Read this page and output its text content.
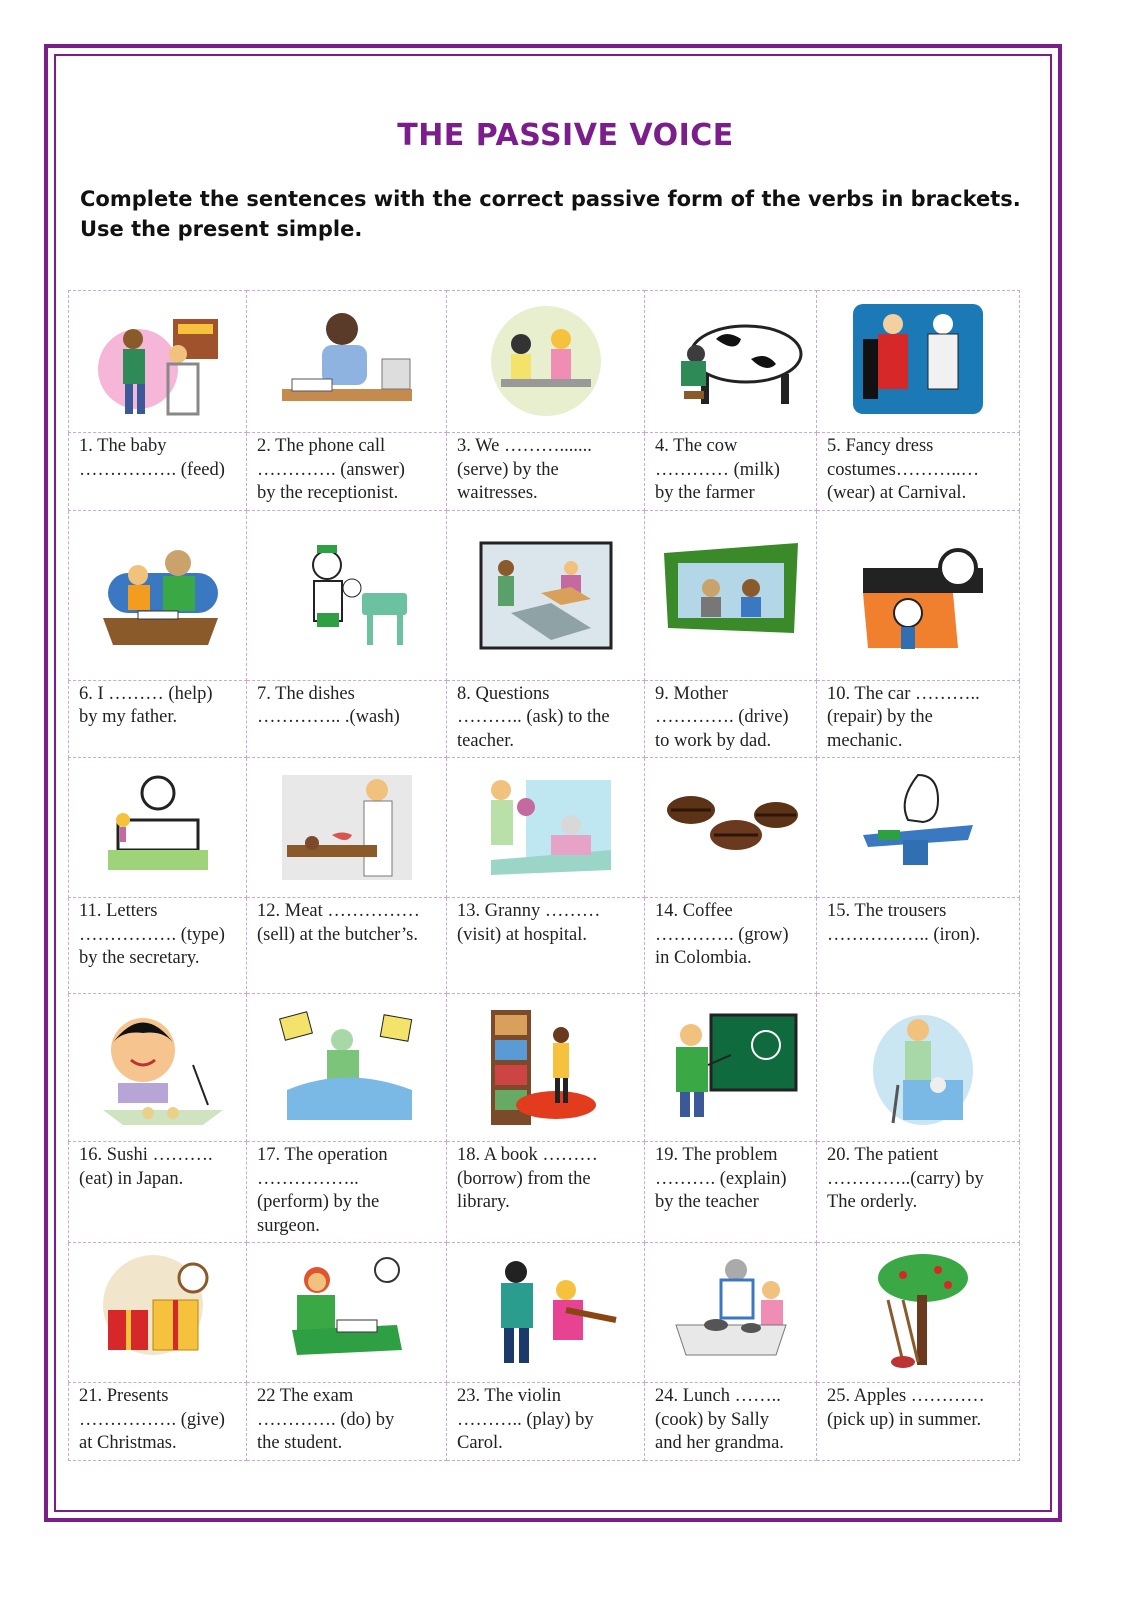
THE PASSIVE VOICE
Complete the sentences with the correct passive form of the verbs in brackets. Use the present simple.

1. The baby
……………. (feed)	2. The phone call
…………. (answer)
by the receptionist.	3. We ……….......
(serve) by the
waitresses.	4. The cow
………… (milk)
by the farmer	5. Fancy dress
costumes………..…
(wear) at Carnival.

6. I ……… (help)
by my father.	7. The dishes
………….. .(wash)	8. Questions
……….. (ask) to the
teacher.	9. Mother
…………. (drive)
to work by dad.	10. The car ………..
(repair) by the
mechanic.

11. Letters
……………. (type)
by the secretary.	12. Meat ……………
(sell) at the butcher’s.	13. Granny ………
(visit) at hospital.	14. Coffee
…………. (grow)
in Colombia.	15. The trousers
…………….. (iron).

16. Sushi ……….
(eat) in Japan.	17. The operation
……………..
(perform) by the
surgeon.	18. A book ………
(borrow) from the
library.	19. The problem
………. (explain)
by the teacher	20. The patient
…………..(carry) by
The orderly.

21. Presents
……………. (give)
at Christmas.	22 The exam
…………. (do) by
the student.	23. The violin
……….. (play) by
Carol.	24. Lunch ……..
(cook) by Sally
and her grandma.	25. Apples …………
(pick up) in summer.
